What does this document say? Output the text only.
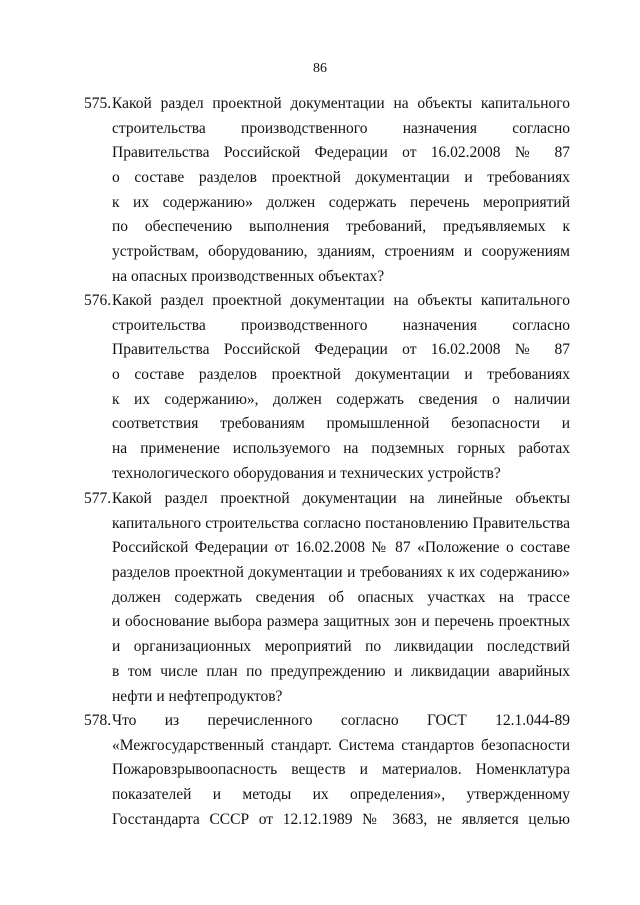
86
575. Какой раздел проектной документации на объекты капитального
строительства производственного назначения согласно
Правительства Российской Федерации от 16.02.2008 № 87
о составе разделов проектной документации и требованиях
к их содержанию» должен содержать перечень мероприятий
по обеспечению выполнения требований, предъявляемых к
устройствам, оборудованию, зданиям, строениям и сооружениям
на опасных производственных объектах?
576. Какой раздел проектной документации на объекты капитального
строительства производственного назначения согласно
Правительства Российской Федерации от 16.02.2008 № 87
о составе разделов проектной документации и требованиях
к их содержанию», должен содержать сведения о наличии
соответствия требованиям промышленной безопасности и
на применение используемого на подземных горных работах
технологического оборудования и технических устройств?
577. Какой раздел проектной документации на линейные объекты
капитального строительства согласно постановлению Правительства
Российской Федерации от 16.02.2008 № 87 «Положение о составе
разделов проектной документации и требованиях к их содержанию»
должен содержать сведения об опасных участках на трассе
и обоснование выбора размера защитных зон и перечень проектных
и организационных мероприятий по ликвидации последствий
в том числе план по предупреждению и ликвидации аварийных
нефти и нефтепродуктов?
578. Что из перечисленного согласно ГОСТ 12.1.044-89
«Межгосударственный стандарт. Система стандартов безопасности
Пожаровзрывоопасность веществ и материалов. Номенклатура
показателей и методы их определения», утвержденному
Госстандарта СССР от 12.12.1989 № 3683, не является целью
